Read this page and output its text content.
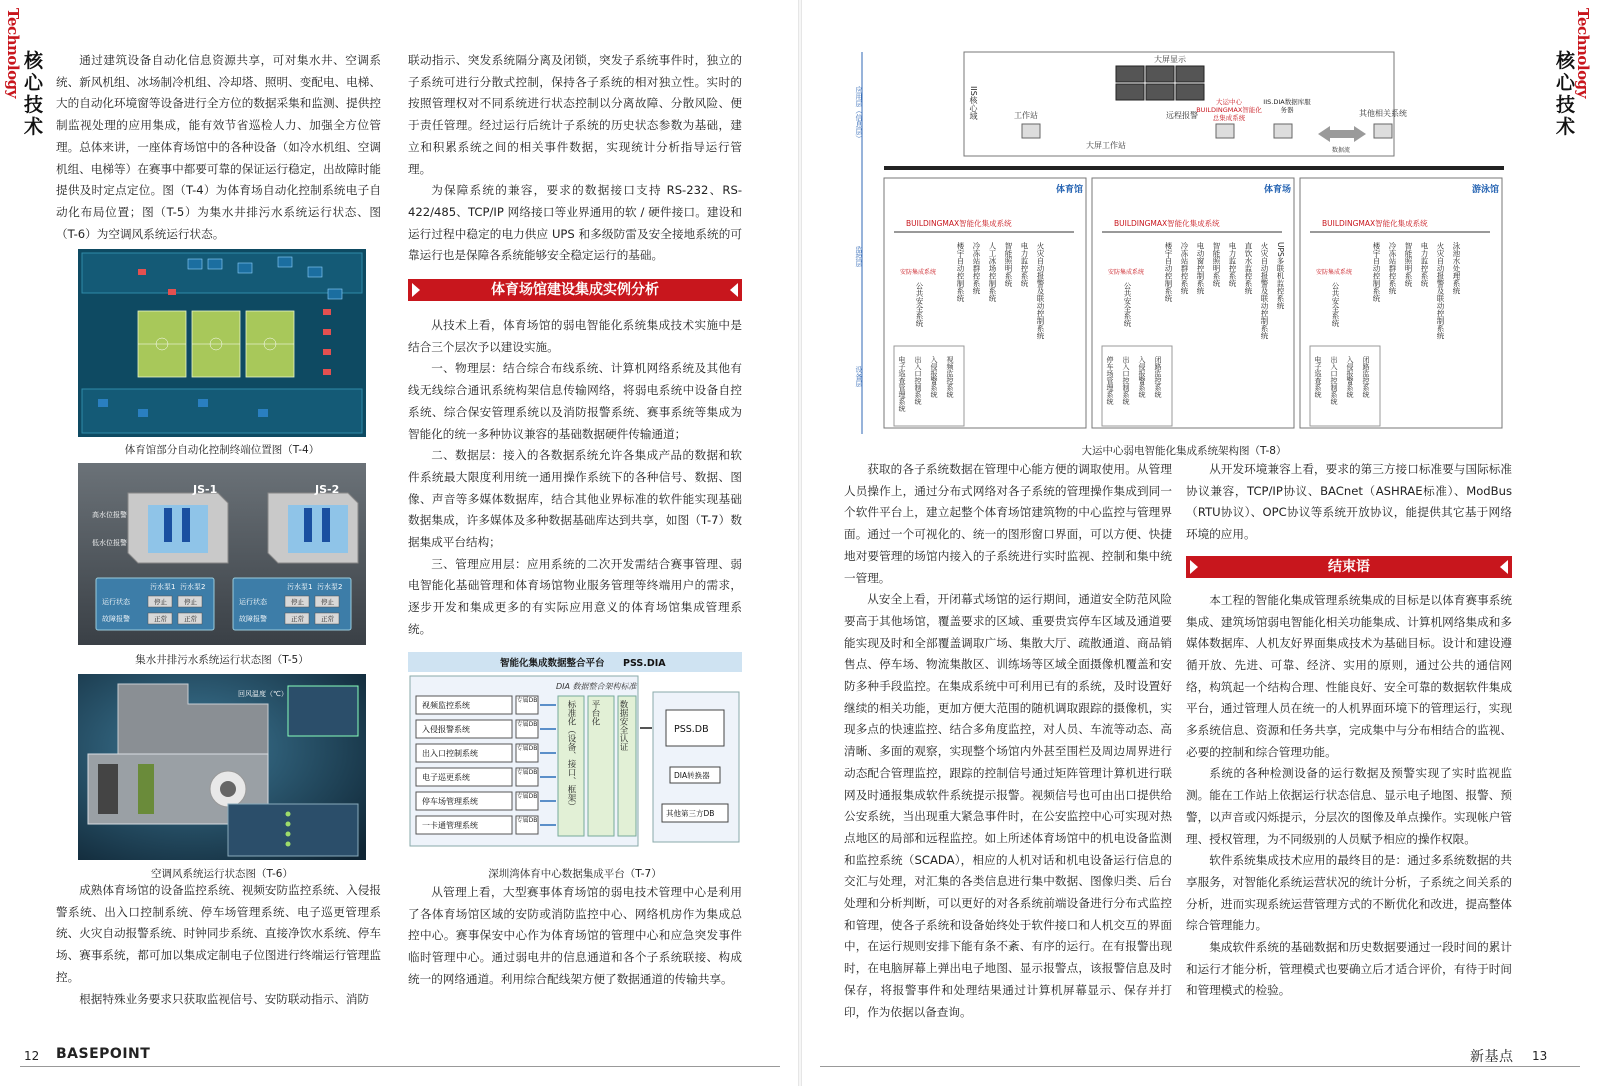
Technology 核心技术

通过建筑设备自动化信息资源共享，可对集水井、空调系统、新风机组、冰场制冷机组、冷却塔、照明、变配电、电梯、大的自动化环境窗等设备进行全方位的数据采集和监测、提供控制监视处理的应用集成，能有效节省巡检人力、加强全方位管理。总体来讲，一座体育场馆中的各种设备（如冷水机组、空调机组、电梯等）在赛事中都要可靠的保证运行稳定，出故障时能提供及时定点定位。图（T-4）为体育场自动化控制系统电子自动化布局位置；图（T-5）为集水井排污水系统运行状态、图（T-6）为空调风系统运行状态。

体育馆部分自动化控制终端位置图（T-4）
JS-1	JS-2
高水位报警
低水位报警
污水泵1 污水泵2	污水泵1 污水泵2
运行状态
故障报警
运行状态
故障报警
停止	停止
正常	正常
停止	停止
正常	正常
集水井排污水系统运行状态图（T-5）
回风温度（℃）
空调风系统运行状态图（T-6）

成熟体育场馆的设备监控系统、视频安防监控系统、入侵报警系统、出入口控制系统、停车场管理系统、电子巡更管理系统、火灾自动报警系统、时钟同步系统、直接净饮水系统、停车场、赛事系统，都可加以集成定制电子位图进行终端运行管理监控。

根据特殊业务要求只获取监视信号、安防联动指示、消防

联动指示、突发系统隔分离及闭锁，突发子系统事件时，独立的子系统可进行分散式控制，保持各子系统的相对独立性。实时的按照管理权对不同系统进行状态控制以分离故障、分散风险、便于责任管理。经过运行后统计子系统的历史状态参数为基础，建立和积累系统之间的相关事件数据，实现统计分析指导运行管理。

为保障系统的兼容，要求的数据接口支持 RS-232、RS-422/485、TCP/IP 网络接口等业界通用的软 / 硬件接口。建设和运行过程中稳定的电力供应 UPS 和多级防雷及安全接地系统的可靠运行也是保障各系统能够安全稳定运行的基础。

体育场馆建设集成实例分析

从技术上看，体育场馆的弱电智能化系统集成技术实施中是结合三个层次予以建设实施。

一、物理层：结合综合布线系统、计算机网络系统及其他有线无线综合通讯系统构架信息传输网络，将弱电系统中设备自控系统、综合保安管理系统以及消防报警系统、赛事系统等集成为智能化的统一多种协议兼容的基础数据硬件传输通道；

二、数据层：接入的各数据系统允许各集成产品的数据和软件系统最大限度利用统一通用操作系统下的各种信号、数据、图像、声音等多媒体数据库，结合其他业界标准的软件能实现基础数据集成，许多媒体及多种数据基础库达到共享，如图（T-7）数据集成平台结构；

三、管理应用层：应用系统的二次开发需结合赛事管理、弱电智能化基础管理和体育场馆物业服务管理等终端用户的需求，逐步开发和集成更多的有实际应用意义的体育场馆集成管理系统。

智能化集成数据整合平台 PSS.DIA
DIA 数据整合架构标准
视频监控系统
专属DB
入侵报警系统
专属DB
出入口控制系统
专属DB
电子巡更系统
专属DB
停车场管理系统
专属DB
一卡通管理系统
专属DB
标准化（设备、接口、框架） 平台化 数据安全认证	PSS.DB
DIA转换器
其他第三方DB
深圳湾体育中心数据集成平台（T-7）

从管理上看，大型赛事体育场馆的弱电技术管理中心是利用了各体育场馆区域的安防或消防监控中心、网络机房作为集成总控中心。赛事保安中心作为体育场馆的管理中心和应急突发事件临时管理中心。通过弱电井的信息通道和各个子系统联接、构成统一的网络通道。利用综合配线架方便了数据通道的传输共享。

12 BASEPOINT
Technology
核心技术
应用层（信息层）
监控层
设备层
大屏显示
IIS核心域	工作站
大屏工作站
远程报警
大运中心BUILDINGMAX智能化总集成系统
IIS.DIA数据库服务器	其他相关系统
数据流
体育馆
BUILDINGMAX智能化集成系统
安防集成系统
公共安全系统
楼宇自动控制系统 冷冻站群控系统 人工冰场控制系统 智能照明系统 电力监控系统 火灾自动报警及联动控制系统
电子巡查管理系统 出入口控制系统 入侵报警系统 视频监控系统
体育场
BUILDINGMAX智能化集成系统
安防集成系统
公共安全系统
楼宇自动控制系统 冷冻站群控系统 电动窗控制系统 智能照明系统 电力监控系统 直饮水监控系统 火灾自动报警及联动控制系统 UPS多联机监控系统
停车场管理系统 出入口控制系统 入侵报警系统 闭路监控系统
游泳馆
BUILDINGMAX智能化集成系统
安防集成系统
公共安全系统
楼宇自动控制系统 冷冻站群控系统 智能照明系统 电力监控系统 火灾自动报警及联动控制系统 泳池水处理系统
电子巡查系统 出入口控制系统 入侵报警系统 闭路监控系统
大运中心弱电智能化集成系统架构图（T-8）

获取的各子系统数据在管理中心能方便的调取使用。从管理人员操作上，通过分布式网络对各子系统的管理操作集成到同一个软件平台上，建立起整个体育场馆建筑物的中心监控与管理界面。通过一个可视化的、统一的图形窗口界面，可以方便、快捷地对要管理的场馆内接入的子系统进行实时监视、控制和集中统一管理。

从安全上看，开闭幕式场馆的运行期间，通道安全防范风险要高于其他场馆，覆盖要求的区域、重要贵宾停车区域及通道要能实现及时和全部覆盖调取广场、集散大厅、疏散通道、商品销售点、停车场、物流集散区、训练场等区域全面摄像机覆盖和安防多种手段监控。在集成系统中可利用已有的系统，及时设置好继续的相关功能，更加方便大范围的随机调取跟踪的摄像机，实现多点的快速监控、结合多角度监控，对人员、车流等动态、高清晰、多面的观察，实现整个场馆内外甚至围栏及周边周界进行动态配合管理监控，跟踪的控制信号通过矩阵管理计算机进行联网及时通报集成软件系统提示报警。视频信号也可由出口提供给公安系统，当出现重大紧急事件时，在公安监控中心可实现对热点地区的局部和远程监控。如上所述体育场馆中的机电设备监测和监控系统（SCADA），相应的人机对话和机电设备运行信息的交汇与处理，对汇集的各类信息进行集中数据、图像归类、后台处理和分析判断，可以更好的对各系统前端设备进行分布式监控和管理，使各子系统和设备始终处于软件接口和人机交互的界面中，在运行规则安排下能有条不紊、有序的运行。在有报警出现时，在电脑屏幕上弹出电子地图、显示报警点，该报警信息及时保存，将报警事件和处理结果通过计算机屏幕显示、保存并打印，作为依据以备查询。

从开发环境兼容上看，要求的第三方接口标准要与国际标准协议兼容，TCP/IP协议、BACnet（ASHRAE标准）、ModBus（RTU协议）、OPC协议等系统开放协议，能提供其它基于网络环境的应用。

结束语

本工程的智能化集成管理系统集成的目标是以体育赛事系统集成、建筑场馆弱电智能化相关功能集成、计算机网络集成和多媒体数据库、人机友好界面集成技术为基础目标。设计和建设遵循开放、先进、可靠、经济、实用的原则，通过公共的通信网络，构筑起一个结构合理、性能良好、安全可靠的数据软件集成平台，通过管理人员在统一的人机界面环境下的管理运行，实现多系统信息、资源和任务共享，完成集中与分布相结合的监视、必要的控制和综合管理功能。

系统的各种检测设备的运行数据及预警实现了实时监视监测。能在工作站上依据运行状态信息、显示电子地图、报警、预警，以声音或闪烁提示，分层次的图像及单点操作。实现帐户管理、授权管理，为不同级别的人员赋予相应的操作权限。

软件系统集成技术应用的最终目的是：通过多系统数据的共享服务，对智能化系统运营状况的统计分析，子系统之间关系的分析，进而实现系统运营管理方式的不断优化和改进，提高整体综合管理能力。

集成软件系统的基础数据和历史数据要通过一段时间的累计和运行才能分析，管理模式也要确立后才适合评价，有待于时间和管理模式的检验。

新基点 13
